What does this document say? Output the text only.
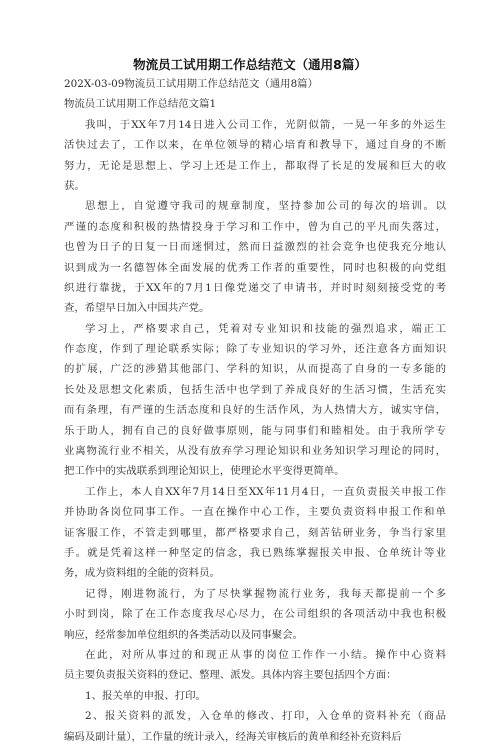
物流员工试用期工作总结范文（通用8篇）
202X-03-09物流员工试用期工作总结范文（通用8篇）
物流员工试用期工作总结范文篇1
我叫，于XX年7月14日进入公司工作，光阴似箭，一晃一年多的外运生
活快过去了，工作以来，在单位领导的精心培育和教导下，通过自身的不断
努力，无论是思想上、学习上还是工作上，都取得了长足的发展和巨大的收
获。
思想上，自觉遵守我司的规章制度，坚持参加公司的每次的培训。以
严谨的态度和积极的热情投身于学习和工作中，曾为自己的平凡而失落过，
也曾为日子的日复一日而迷惘过，然而日益激烈的社会竞争也使我充分地认
识到成为一名德智体全面发展的优秀工作者的重要性，同时也积极的向党组
织进行靠拢，于XX年的7月1日像党递交了申请书，并时时刻刻接受党的考
查，希望早日加入中国共产党。
学习上，严格要求自己，凭着对专业知识和技能的强烈追求，端正工
作态度，作到了理论联系实际；除了专业知识的学习外，还注意各方面知识
的扩展，广泛的涉猎其他部门、学科的知识，从而提高了自身的一专多能的
长处及思想文化素质，包括生活中也学到了养成良好的生活习惯，生活充实
而有条理，有严谨的生活态度和良好的生活作风，为人热情大方，诚实守信，
乐于助人，拥有自己的良好做事原则，能与同事们和睦相处。由于我所学专
业离物流行业不相关，从没有放弃学习理论知识和业务知识学习理论的同时，
把工作中的实战联系到理论知识上，使理论水平变得更简单。
工作上，本人自XX年7月14日至XX年11月4日，一直负责报关申报工作
并协助各岗位同事工作。一直在操作中心工作，主要负责资料申报工作和单
证客服工作，不管走到哪里，都严格要求自己，刻苦钻研业务，争当行家里
手。就是凭着这样一种坚定的信念，我已熟练掌握报关申报、仓单统计等业
务，成为资料组的全能的资料员。
记得，刚进物流行，为了尽快掌握物流行业务，我每天都提前一个多
小时到岗，除了在工作态度我尽心尽力，在公司组织的各项活动中我也积极
响应，经常参加单位组织的各类活动以及同事聚会。
在此，对所从事过的和现正从事的岗位工作作一小结。操作中心资料
员主要负责报关资料的登记、整理、派发。具体内容主要包括四个方面：
1、报关单的申报、打印。
2、报关资料的派发，入仓单的修改、打印，入仓单的资料补充（商品
编码及副计量），工作量的统计录入，经海关审核后的黄单和经补充资料后
